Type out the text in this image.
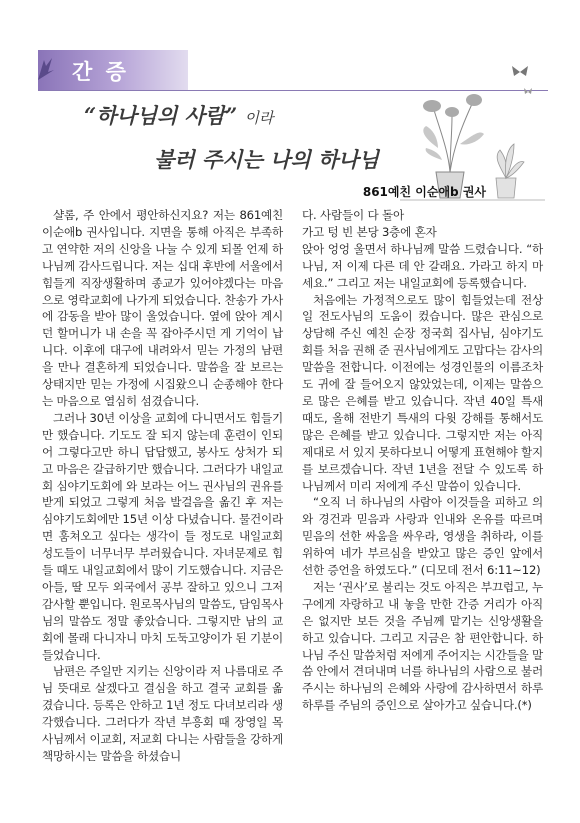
간 증
“하나님의 사람” 이라
불러 주시는 나의 하나님
861예친 이순애b 권사

샬롬, 주 안에서 평안하신지요? 저는 861예친 이순애b 권사입니다. 지면을 통해 아직은 부족하고 연약한 저의 신앙을 나눌 수 있게 되몰 언제 하나님께 감사드립니다. 저는 십대 후반에 서울에서 힘들게 직장생활하며 종교가 있어야겠다는 마음으로 영락교회에 나가게 되었습니다. 찬송가 가사에 감동을 받아 많이 울었습니다. 옆에 앉아 계시던 할머니가 내 손을 꼭 잡아주시던 게 기억이 납니다. 이후에 대구에 내려와서 믿는 가정의 남편을 만나 결혼하게 되었습니다. 말씀을 잘 보르는 상태지만 믿는 가정에 시집왔으니 순종해야 한다는 마음으로 열심히 섬겼습니다.

그러나 30년 이상을 교회에 다니면서도 힘들기만 했습니다. 기도도 잘 되지 않는데 훈련이 인되어 그렇다고만 하니 답답했고, 봉사도 상처가 되고 마음은 갈급하기만 했습니다. 그러다가 내일교회 심야기도회에 와 보라는 어느 권사님의 권유를 받게 되었고 그렇게 처음 발걸음을 옮긴 후 저는 심야기도회에만 15년 이상 다녔습니다. 물건이라면 훔쳐오고 싶다는 생각이 들 정도로 내일교회 성도들이 너무너무 부러웠습니다. 자녀문제로 힘들 때도 내일교회에서 많이 기도했습니다. 지금은 아들, 딸 모두 외국에서 공부 잘하고 있으니 그저 감사할 뿐입니다. 원로목사님의 말씀도, 담임목사님의 말씀도 정말 좋았습니다. 그렇지만 남의 교회에 몰래 다니자니 마치 도둑고양이가 된 기분이 들었습니다.

남편은 주일만 지키는 신앙이라 저 나름대로 주님 뜻대로 살겠다고 결심을 하고 결국 교회를 옮겼습니다. 등록은 안하고 1년 정도 다녀보리라 생각했습니다. 그러다가 작년 부흥회 때 장영일 목사님께서 이교회, 저교회 다니는 사람들을 강하게 책망하시는 말씀을 하셨습니

다. 사람들이 다 돌아
가고 텅 빈 본당 3층에 혼자
앉아 엉엉 울면서 하나님께 말씀 드렸습니다. “하나님, 저 이제 다른 데 안 갈래요. 가라고 하지 마세요.” 그리고 저는 내일교회에 등록했습니다.

처음에는 가정적으로도 많이 힘들었는데 전상일 전도사님의 도움이 컸습니다. 많은 관심으로 상담해 주신 예친 순장 정국희 집사님, 심야기도회를 처음 권해 준 권사님에게도 고맙다는 감사의 말씀을 전합니다. 이전에는 성경인물의 이름조차도 귀에 잘 들어오지 않았었는데, 이제는 말씀으로 많은 은혜를 받고 있습니다. 작년 40일 특새 때도, 올해 전반기 특새의 다윗 강해를 통해서도 많은 은혜를 받고 있습니다. 그렇지만 저는 아직 제대로 서 있지 못하다보니 어떻게 표현해야 할지를 보르겠습니다. 작년 1년을 전달 수 있도록 하나님께서 미리 저에게 주신 말씀이 있습니다.

“오직 너 하나님의 사람아 이것들을 피하고 의와 경건과 믿음과 사랑과 인내와 온유를 따르며 믿음의 선한 싸움을 싸우라, 영생을 취하라, 이를 위하여 네가 부르심을 받았고 많은 증인 앞에서 선한 증언을 하였도다.” (디모데 전서 6:11~12)

저는 ‘권사’로 불리는 것도 아직은 부끄럽고, 누구에게 자랑하고 내 놓을 만한 간증 거리가 아직은 없지만 보든 것을 주님께 맡기는 신앙생활을 하고 있습니다. 그리고 지금은 참 편안합니다. 하나님 주신 말씀처럼 저에게 주어지는 시간들을 말씀 안에서 견뎌내며 너를 하나님의 사람으로 불러주시는 하나님의 은혜와 사랑에 감사하면서 하루하루를 주님의 증인으로 살아가고 싶습니다.(*)
